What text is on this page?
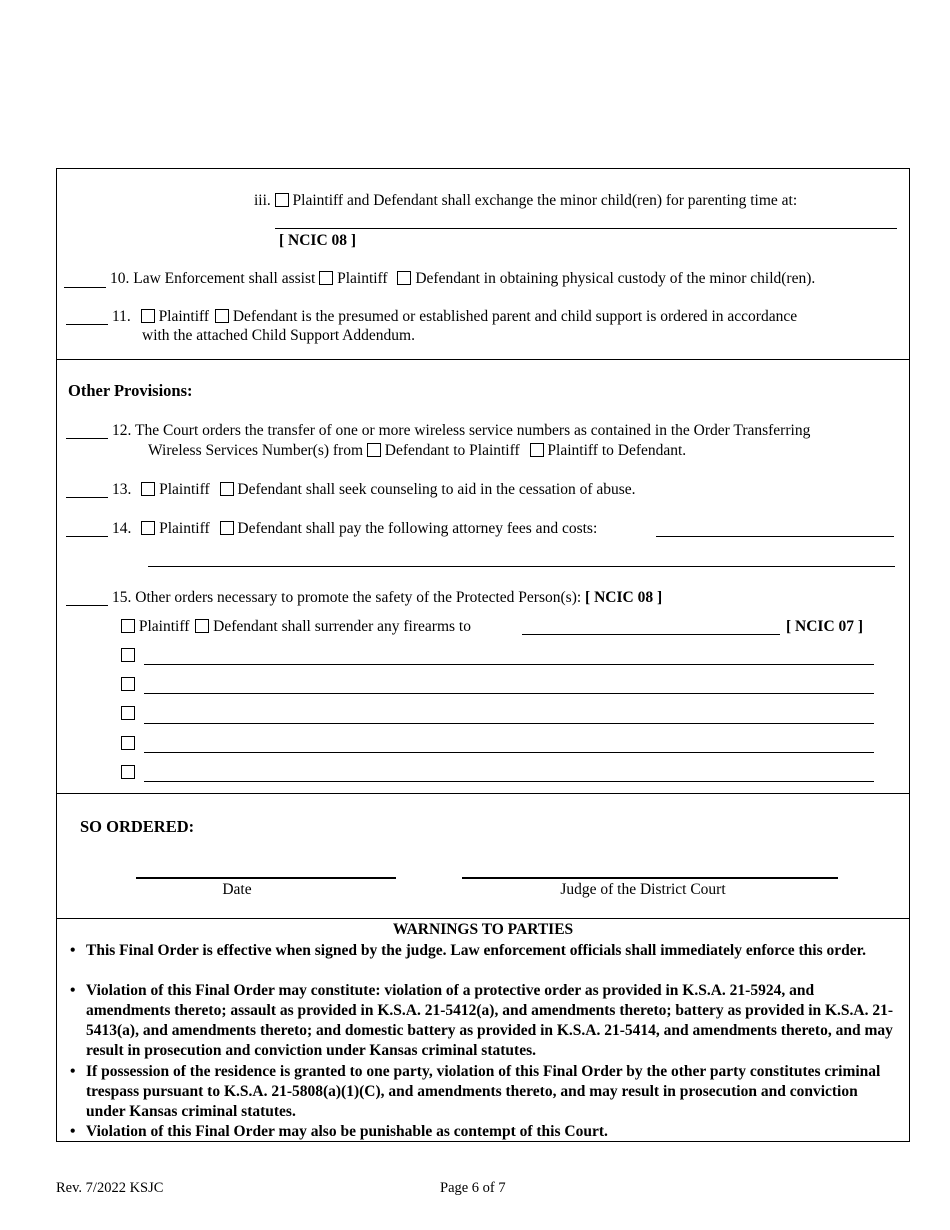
iii. Plaintiff and Defendant shall exchange the minor child(ren) for parenting time at:
[ NCIC 08 ]
10. Law Enforcement shall assist Plaintiff Defendant in obtaining physical custody of the minor child(ren).
11. Plaintiff Defendant is the presumed or established parent and child support is ordered in accordance
with the attached Child Support Addendum.
Other Provisions:
12. The Court orders the transfer of one or more wireless service numbers as contained in the Order Transferring
Wireless Services Number(s) from Defendant to Plaintiff Plaintiff to Defendant.
13. Plaintiff Defendant shall seek counseling to aid in the cessation of abuse.
14. Plaintiff Defendant shall pay the following attorney fees and costs:
15. Other orders necessary to promote the safety of the Protected Person(s): [ NCIC 08 ]
Plaintiff Defendant shall surrender any firearms to	[ NCIC 07 ]
SO ORDERED:
Date	Judge of the District Court
WARNINGS TO PARTIES
• This Final Order is effective when signed by the judge. Law enforcement officials shall immediately enforce this order.
• Violation of this Final Order may constitute: violation of a protective order as provided in K.S.A. 21-5924, and amendments thereto; assault as provided in K.S.A. 21-5412(a), and amendments thereto; battery as provided in K.S.A. 21-5413(a), and amendments thereto; and domestic battery as provided in K.S.A. 21-5414, and amendments thereto, and may result in prosecution and conviction under Kansas criminal statutes.
• If possession of the residence is granted to one party, violation of this Final Order by the other party constitutes criminal trespass pursuant to K.S.A. 21-5808(a)(1)(C), and amendments thereto, and may result in prosecution and conviction under Kansas criminal statutes.
• Violation of this Final Order may also be punishable as contempt of this Court.
Rev. 7/2022 KSJC	Page 6 of 7
